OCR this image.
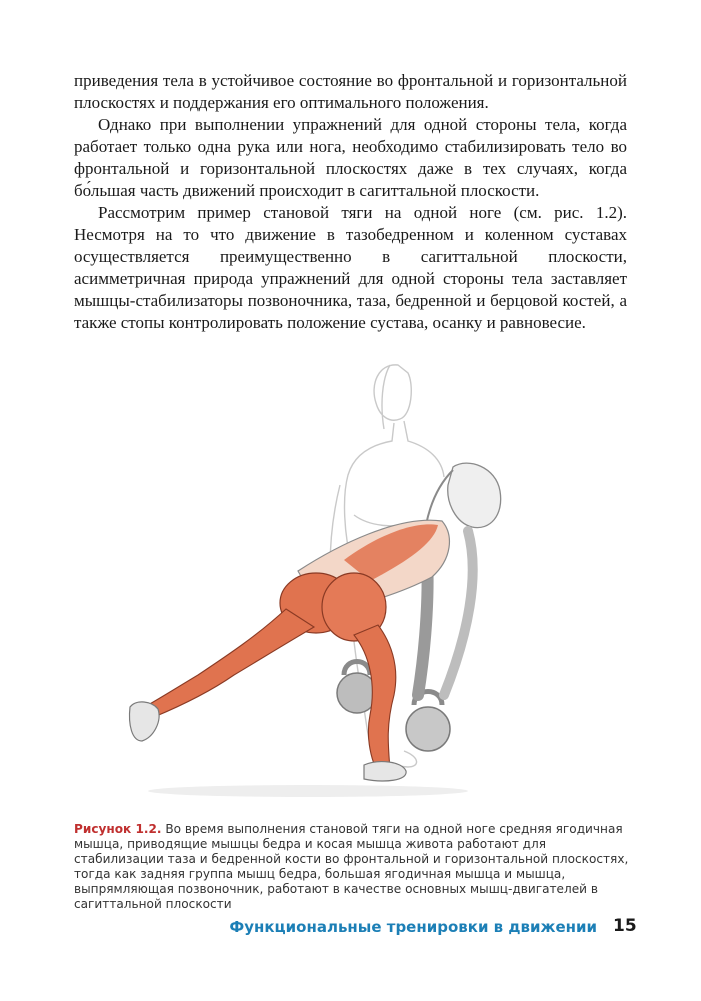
приведения тела в устойчивое состояние во фронтальной и горизонтальной плоскостях и поддержания его оптимального положения.

Однако при выполнении упражнений для одной стороны тела, когда работает только одна рука или нога, необходимо стабилизировать тело во фронтальной и горизонтальной плоскостях даже в тех случаях, когда бо́льшая часть движений происходит в сагиттальной плоскости.

Рассмотрим пример становой тяги на одной ноге (см. рис. 1.2). Несмотря на то что движение в тазобедренном и коленном суставах осуществляется преимущественно в сагиттальной плоскости, асимметричная природа упражнений для одной стороны тела заставляет мышцы-стабилизаторы позвоночника, таза, бедренной и берцовой костей, а также стопы контролировать положение сустава, осанку и равновесие.

Рисунок 1.2. Во время выполнения становой тяги на одной ноге средняя ягодичная мышца, приводящие мышцы бедра и косая мышца живота работают для стабилизации таза и бедренной кости во фронтальной и горизонтальной плоскостях, тогда как задняя группа мышц бедра, большая ягодичная мышца и мышца, выпрямляющая позвоночник, работают в качестве основных мышц-двигателей в сагиттальной плоскости
Функциональные тренировки в движении 15
